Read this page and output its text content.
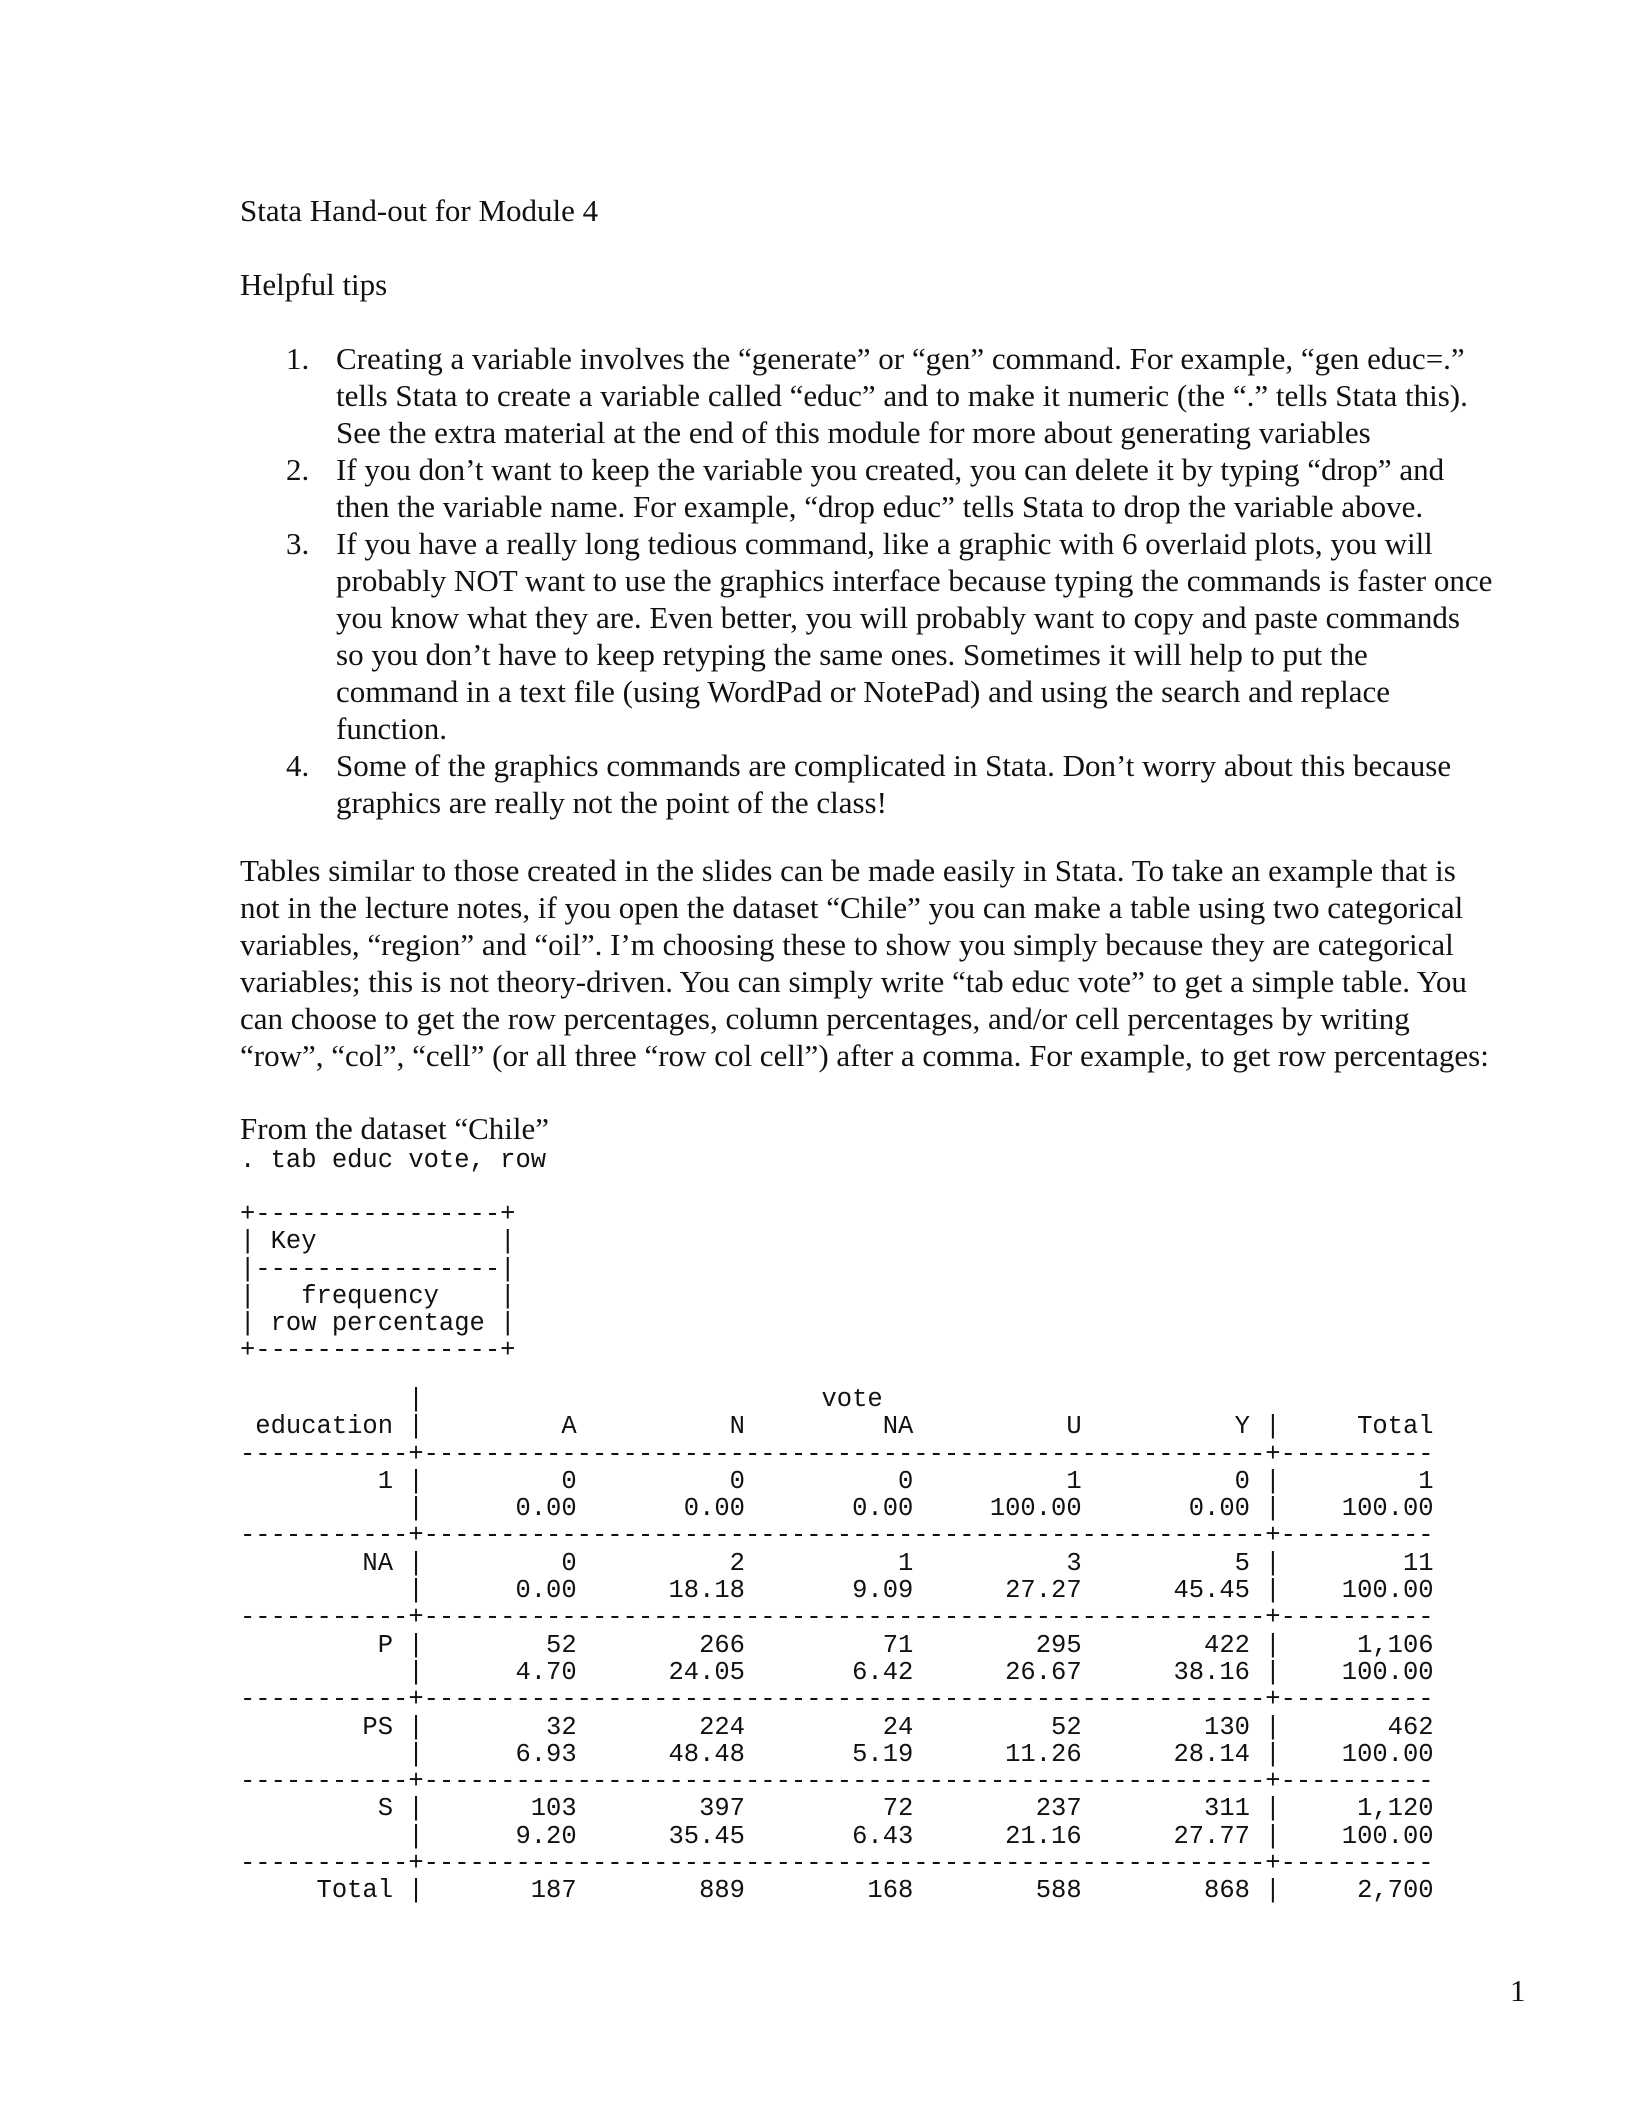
Stata Hand-out for Module 4
Helpful tips
1. Creating a variable involves the “generate” or “gen” command. For example, “gen educ=.”
tells Stata to create a variable called “educ” and to make it numeric (the “.” tells Stata this).
See the extra material at the end of this module for more about generating variables
2. If you don’t want to keep the variable you created, you can delete it by typing “drop” and
then the variable name. For example, “drop educ” tells Stata to drop the variable above.
3. If you have a really long tedious command, like a graphic with 6 overlaid plots, you will
probably NOT want to use the graphics interface because typing the commands is faster once
you know what they are. Even better, you will probably want to copy and paste commands
so you don’t have to keep retyping the same ones. Sometimes it will help to put the
command in a text file (using WordPad or NotePad) and using the search and replace
function.
4. Some of the graphics commands are complicated in Stata. Don’t worry about this because
graphics are really not the point of the class!
Tables similar to those created in the slides can be made easily in Stata. To take an example that is
not in the lecture notes, if you open the dataset “Chile” you can make a table using two categorical
variables, “region” and “oil”. I’m choosing these to show you simply because they are categorical
variables; this is not theory-driven. You can simply write “tab educ vote” to get a simple table. You
can choose to get the row percentages, column percentages, and/or cell percentages by writing
“row”, “col”, “cell” (or all three “row col cell”) after a comma. For example, to get row percentages:
From the dataset “Chile”
. tab educ vote, row
+----------------+
| Key            |
|----------------|
|   frequency    |
| row percentage |
+----------------+
|                          vote
education |         A          N         NA          U          Y |     Total
-----------+-------------------------------------------------------+----------
1 |         0          0          0          1          0 |         1
|      0.00       0.00       0.00     100.00       0.00 |    100.00
-----------+-------------------------------------------------------+----------
NA |         0          2          1          3          5 |        11
|      0.00      18.18       9.09      27.27      45.45 |    100.00
-----------+-------------------------------------------------------+----------
P |        52        266         71        295        422 |     1,106
|      4.70      24.05       6.42      26.67      38.16 |    100.00
-----------+-------------------------------------------------------+----------
PS |        32        224         24         52        130 |       462
|      6.93      48.48       5.19      11.26      28.14 |    100.00
-----------+-------------------------------------------------------+----------
S |       103        397         72        237        311 |     1,120
|      9.20      35.45       6.43      21.16      27.77 |    100.00
-----------+-------------------------------------------------------+----------
Total |       187        889        168        588        868 |     2,700
1
